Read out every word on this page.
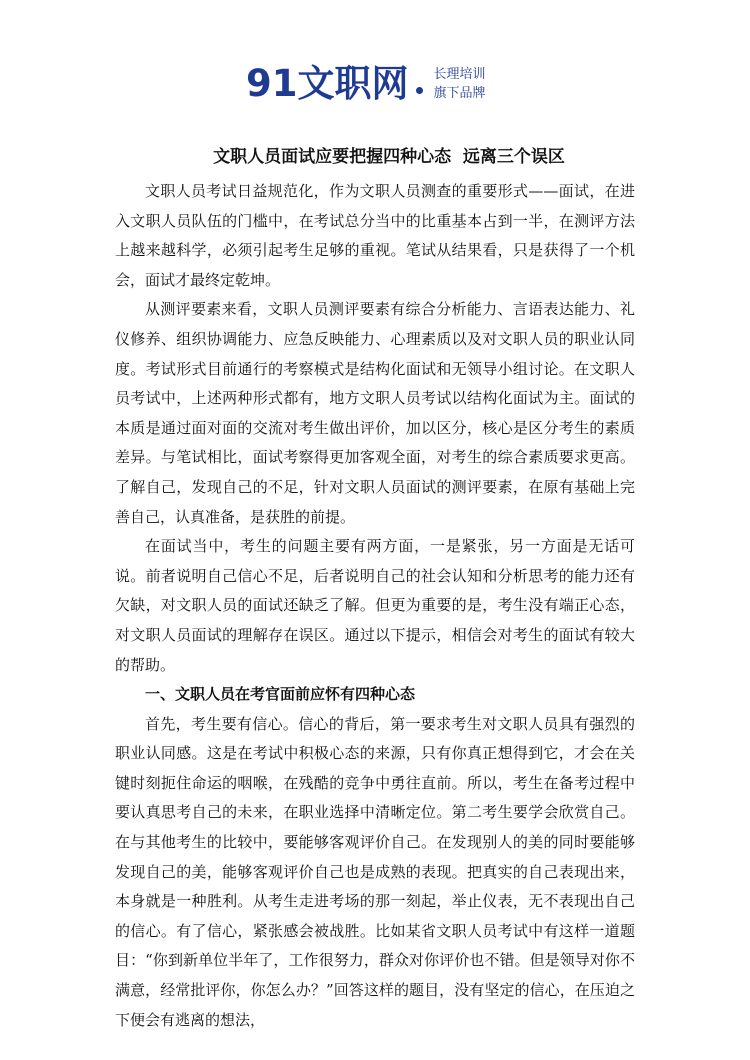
91文职网 长理培训
旗下品牌
文职人员面试应要把握四种心态  远离三个误区

文职人员考试日益规范化，作为文职人员测查的重要形式——面试，在进入文职人员队伍的门槛中，在考试总分当中的比重基本占到一半，在测评方法上越来越科学，必须引起考生足够的重视。笔试从结果看，只是获得了一个机会，面试才最终定乾坤。

从测评要素来看，文职人员测评要素有综合分析能力、言语表达能力、礼仪修养、组织协调能力、应急反映能力、心理素质以及对文职人员的职业认同度。考试形式目前通行的考察模式是结构化面试和无领导小组讨论。在文职人员考试中，上述两种形式都有，地方文职人员考试以结构化面试为主。面试的本质是通过面对面的交流对考生做出评价，加以区分，核心是区分考生的素质差异。与笔试相比，面试考察得更加客观全面，对考生的综合素质要求更高。了解自己，发现自己的不足，针对文职人员面试的测评要素，在原有基础上完善自己，认真准备，是获胜的前提。

在面试当中，考生的问题主要有两方面，一是紧张，另一方面是无话可说。前者说明自己信心不足，后者说明自己的社会认知和分析思考的能力还有欠缺，对文职人员的面试还缺乏了解。但更为重要的是，考生没有端正心态，对文职人员面试的理解存在误区。通过以下提示，相信会对考生的面试有较大的帮助。

一、文职人员在考官面前应怀有四种心态

首先，考生要有信心。信心的背后，第一要求考生对文职人员具有强烈的职业认同感。这是在考试中积极心态的来源，只有你真正想得到它，才会在关键时刻扼住命运的咽喉，在残酷的竞争中勇往直前。所以，考生在备考过程中要认真思考自己的未来，在职业选择中清晰定位。第二考生要学会欣赏自己。在与其他考生的比较中，要能够客观评价自己。在发现别人的美的同时要能够发现自己的美，能够客观评价自己也是成熟的表现。把真实的自己表现出来，本身就是一种胜利。从考生走进考场的那一刻起，举止仪表，无不表现出自己的信心。有了信心，紧张感会被战胜。比如某省文职人员考试中有这样一道题目：“你到新单位半年了，工作很努力，群众对你评价也不错。但是领导对你不满意，经常批评你，你怎么办？”回答这样的题目，没有坚定的信心，在压迫之下便会有逃离的想法，
